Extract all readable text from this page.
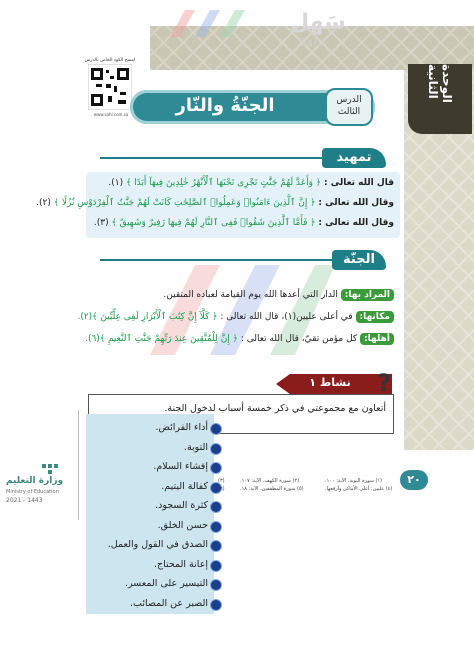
الوحدة الثانية
سَهل
Sahl
امسح الكود الخاص بالدرس
www.sahl.com.sa	الجنّةُ والنّار	الدرس
الثالث
تمهيد
قال الله تعالى : ﴿ وَأَعَدَّ لَهُمْ جَنَّٰتٍ تَجْرِى تَحْتَهَا ٱلْأَنْهَٰرُ خَٰلِدِينَ فِيهَآ أَبَدًا ﴾ (١).
وقال الله تعالى : ﴿ إِنَّ ٱلَّذِينَ ءَامَنُوا۟ وَعَمِلُوا۟ ٱلصَّٰلِحَٰتِ كَانَتْ لَهُمْ جَنَّٰتُ ٱلْفِرْدَوْسِ نُزُلًا ﴾ (٢).
وقال الله تعالى : ﴿ فَأَمَّا ٱلَّذِينَ شَقُوا۟ فَفِى ٱلنَّارِ لَهُمْ فِيهَا زَفِيرٌ وَشَهِيقٌ ﴾ (٣).
الجنّة
المراد بها: الدار التي أعدها الله يوم القيامة لعباده المتقين.
مكانها: في أعلى عليين(١)، قال الله تعالى : ﴿ كَلَّآ إِنَّ كِتَٰبَ ٱلْأَبْرَارِ لَفِى عِلِّيِّينَ ﴾(٢).
أهلها: كل مؤمن تقيّ، قال الله تعالى : ﴿ إِنَّ لِلْمُتَّقِينَ عِندَ رَبِّهِمْ جَنَّٰتِ ٱلنَّعِيمِ ﴾(٦).
نشاط ١	?
أتعاون مع مجموعتي في ذكر خمسة أسباب لدخول الجنة.
أداء الفرائض.
التوبة.
إفشاء السلام.
كفالة اليتيم.
كثرة السجود.
حسن الخلق.
الصدق في القول والعمل.
إعانة المحتاج.
التيسير على المعسر.
الصبر عن المصائب.
٢٠
(١) سورة التوبة، الآية: ١٠٠.
(٤) عليين: أعلى الأماكن وأرفعها.
(٢) سورة الكهف، الآية: ١٠٧.
(٥) سورة المطففين، الآية: ١٨.
(٣)
(٦)
وزارة التعليم
Ministry of Education
2021 - 1443
